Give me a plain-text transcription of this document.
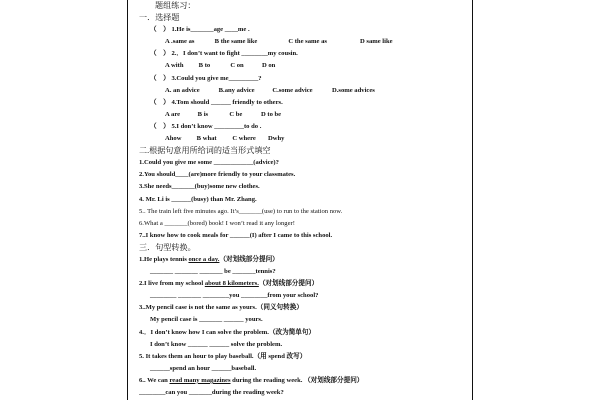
题组练习：
一．选择题
（　） 1.He is_______age ____me .
A .same as	B the same like	C the same as	D same like
（　） 2.．I don’t want to fight ________my cousin.
A with B to	C on	D on
（　） 3.Could you give me_________?
A. an advice	B.any advice	C.some advice	D.some advices
（　） 4.Tom should ______ friendly to others.
A are	B is	C be	D to be
（　） 5.I don’t know _________to do .
Ahow B what C where Dwhy
二.根据句意用所给词的适当形式填空
1.Could you give me some ____________(advice)?
2.You should____(are)more friendly to your classmates.
3.She needs_______(buy)some new clothes.
4. Mr. Li is ______(busy) than Mr. Zhang.
5.. The train left five minutes ago. It’s_______(use) to run to the station now.
6.What a _______(bored) book! I won’t read it any longer!
7..I know how to cook meals for ______(I) after I came to this school.
三．句型转换。
1.He plays tennis once a day.（对划线部分提问）
_______ _______ _______ be _______tennis?
2.I live from my school about 8 kilometers.（对划线部分提问）
________ _______ ________you ________from your school?
3..My pencil case is not the same as yours.（同义句转换）
My pencil case is _______ ______ yours.
4.．I don’t know how I can solve the problem.（改为简单句）
I don’t know ______ ______ solve the problem.
5. It takes them an hour to play baseball.（用 spend 改写）
______spend an hour ______baseball.
6.. We can read many magazines during the reading week. （对划线部分提问）
________can you _______during the reading week?
